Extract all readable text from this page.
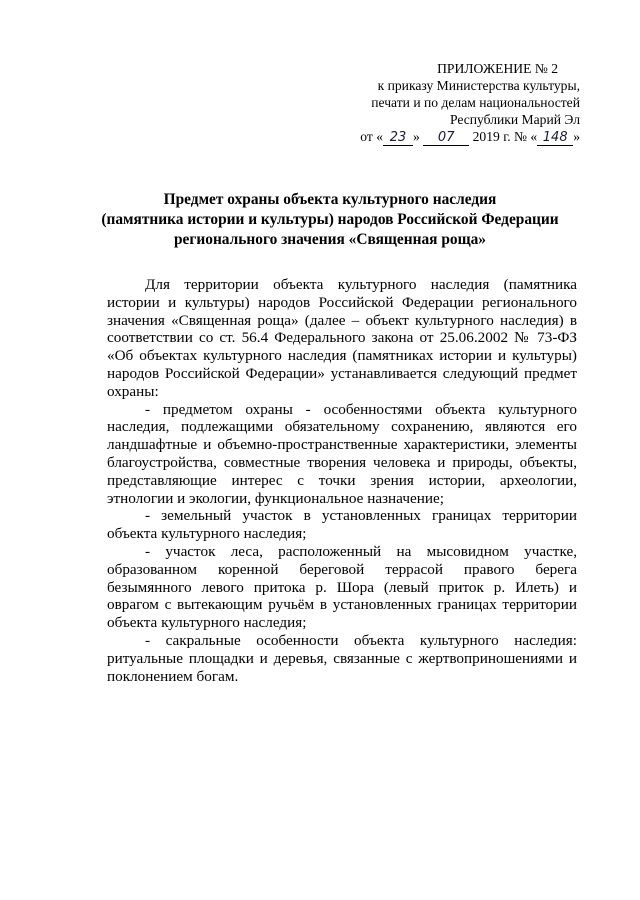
ПРИЛОЖЕНИЕ № 2
к приказу Министерства культуры,
печати и по делам национальностей
Республики Марий Эл
от « 23 » 07 2019 г. № « 148 »
Предмет охраны объекта культурного наследия
(памятника истории и культуры) народов Российской Федерации
регионального значения «Священная роща»

Для территории объекта культурного наследия (памятника истории и культуры) народов Российской Федерации регионального значения «Священная роща» (далее – объект культурного наследия) в соответствии со ст. 56.4 Федерального закона от 25.06.2002 № 73-ФЗ «Об объектах культурного наследия (памятниках истории и культуры) народов Российской Федерации» устанавливается следующий предмет охраны:

- предметом охраны - особенностями объекта культурного наследия, подлежащими обязательному сохранению, являются его ландшафтные и объемно-пространственные характеристики, элементы благоустройства, совместные творения человека и природы, объекты, представляющие интерес с точки зрения истории, археологии, этнологии и экологии, функциональное назначение;

- земельный участок в установленных границах территории объекта культурного наследия;

- участок леса, расположенный на мысовидном участке, образованном коренной береговой террасой правого берега безымянного левого притока р. Шора (левый приток р. Илеть) и оврагом с вытекающим ручьём в установленных границах территории объекта культурного наследия;

- сакральные особенности объекта культурного наследия: ритуальные площадки и деревья, связанные с жертвоприношениями и поклонением богам.
